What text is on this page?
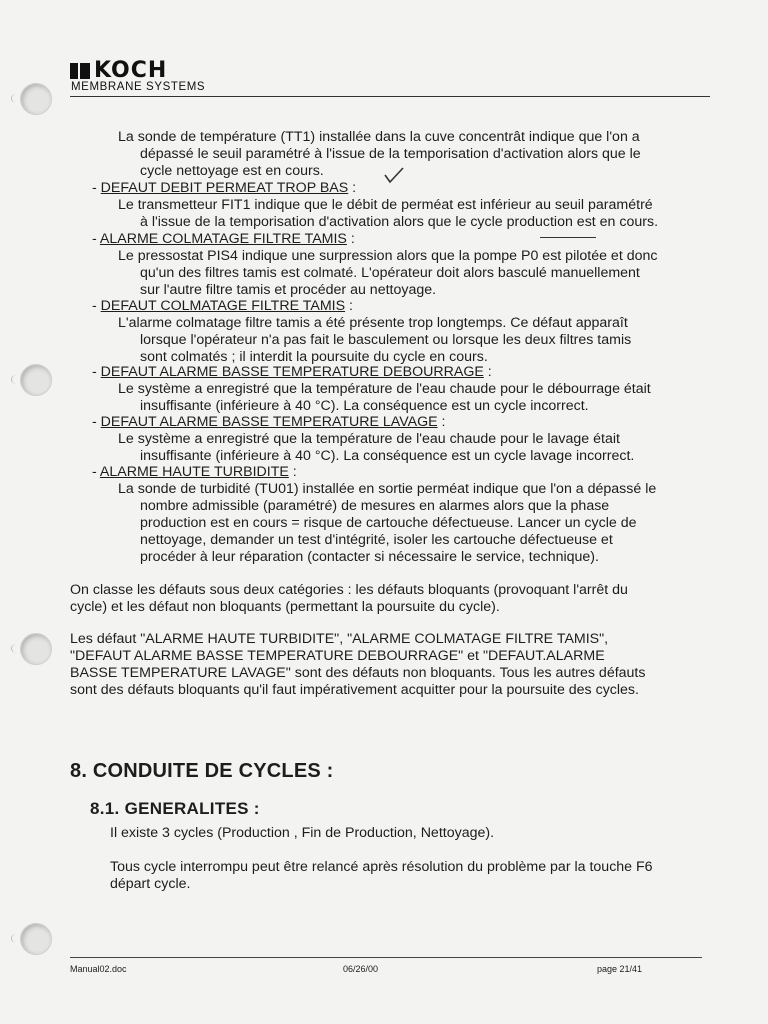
KOCH
MEMBRANE SYSTEMS
La sonde de température (TT1) installée dans la cuve concentrât indique que l'on a
dépassé le seuil paramétré à l'issue de la temporisation d'activation alors que le
cycle nettoyage est en cours.
- DEFAUT DEBIT PERMEAT TROP BAS :
Le transmetteur FIT1 indique que le débit de perméat est inférieur au seuil paramétré
à l'issue de la temporisation d'activation alors que le cycle production est en cours.
- ALARME COLMATAGE FILTRE TAMIS :
Le pressostat PIS4 indique une surpression alors que la pompe P0 est pilotée et donc
qu'un des filtres tamis est colmaté. L'opérateur doit alors basculé manuellement
sur l'autre filtre tamis et procéder au nettoyage.
- DEFAUT COLMATAGE FILTRE TAMIS :
L'alarme colmatage filtre tamis a été présente trop longtemps. Ce défaut apparaît
lorsque l'opérateur n'a pas fait le basculement ou lorsque les deux filtres tamis
sont colmatés ; il interdit la poursuite du cycle en cours.
- DEFAUT ALARME BASSE TEMPERATURE DEBOURRAGE :
Le système a enregistré que la température de l'eau chaude pour le débourrage était
insuffisante (inférieure à 40 °C). La conséquence est un cycle incorrect.
- DEFAUT ALARME BASSE TEMPERATURE LAVAGE :
Le système a enregistré que la température de l'eau chaude pour le lavage était
insuffisante (inférieure à 40 °C). La conséquence est un cycle lavage incorrect.
- ALARME HAUTE TURBIDITE :
La sonde de turbidité (TU01) installée en sortie perméat indique que l'on a dépassé le
nombre admissible (paramétré) de mesures en alarmes alors que la phase
production est en cours = risque de cartouche défectueuse. Lancer un cycle de
nettoyage, demander un test d'intégrité, isoler les cartouche défectueuse et
procéder à leur réparation (contacter si nécessaire le service, technique).
On classe les défauts sous deux catégories : les défauts bloquants (provoquant l'arrêt du
cycle) et les défaut non bloquants (permettant la poursuite du cycle).
Les défaut "ALARME HAUTE TURBIDITE", "ALARME COLMATAGE FILTRE TAMIS",
"DEFAUT ALARME BASSE TEMPERATURE DEBOURRAGE" et "DEFAUT.ALARME
BASSE TEMPERATURE LAVAGE" sont des défauts non bloquants. Tous les autres défauts
sont des défauts bloquants qu'il faut impérativement acquitter pour la poursuite des cycles.
8. CONDUITE DE CYCLES :
8.1. GENERALITES :
Il existe 3 cycles (Production , Fin de Production, Nettoyage).
Tous cycle interrompu peut être relancé après résolution du problème par la touche F6
départ cycle.
Manual02.doc	06/26/00	page 21/41
